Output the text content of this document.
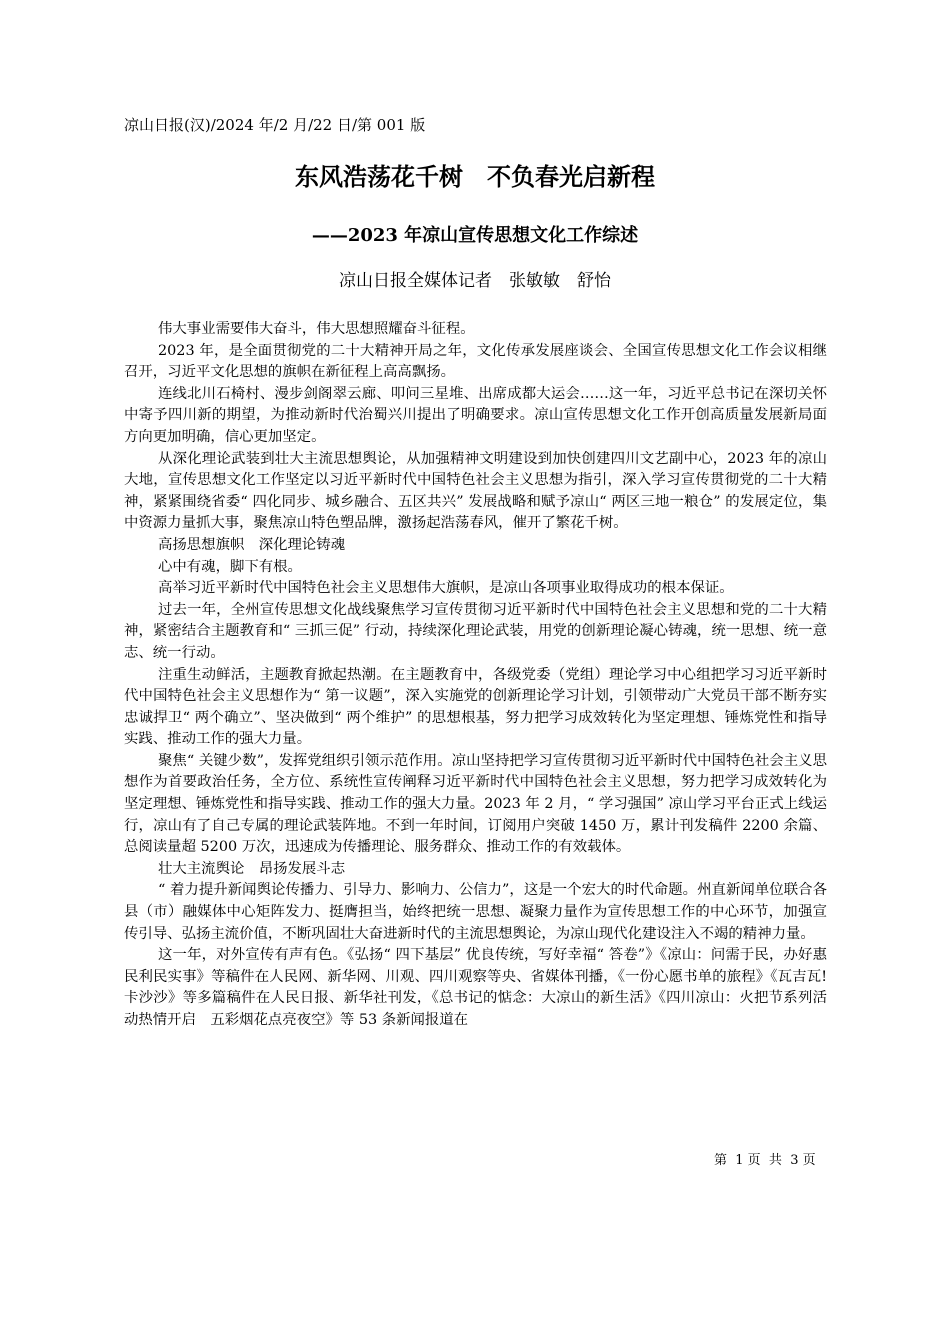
凉山日报(汉)/2024 年/2 月/22 日/第 001 版
东风浩荡花千树　不负春光启新程
——2023 年凉山宣传思想文化工作综述
凉山日报全媒体记者　张敏敏　舒怡

伟大事业需要伟大奋斗，伟大思想照耀奋斗征程。

2023 年，是全面贯彻党的二十大精神开局之年，文化传承发展座谈会、全国宣传思想文化工作会议相继召开，习近平文化思想的旗帜在新征程上高高飘扬。

连线北川石椅村、漫步剑阁翠云廊、叩问三星堆、出席成都大运会……这一年，习近平总书记在深切关怀中寄予四川新的期望，为推动新时代治蜀兴川提出了明确要求。凉山宣传思想文化工作开创高质量发展新局面方向更加明确，信心更加坚定。

从深化理论武装到壮大主流思想舆论，从加强精神文明建设到加快创建四川文艺副中心，2023 年的凉山大地，宣传思想文化工作坚定以习近平新时代中国特色社会主义思想为指引，深入学习宣传贯彻党的二十大精神，紧紧围绕省委“ 四化同步、城乡融合、五区共兴” 发展战略和赋予凉山“ 两区三地一粮仓” 的发展定位，集中资源力量抓大事，聚焦凉山特色塑品牌，激扬起浩荡春风，催开了繁花千树。

高扬思想旗帜　深化理论铸魂

心中有魂，脚下有根。

高举习近平新时代中国特色社会主义思想伟大旗帜，是凉山各项事业取得成功的根本保证。

过去一年，全州宣传思想文化战线聚焦学习宣传贯彻习近平新时代中国特色社会主义思想和党的二十大精神，紧密结合主题教育和“ 三抓三促” 行动，持续深化理论武装，用党的创新理论凝心铸魂，统一思想、统一意志、统一行动。

注重生动鲜活，主题教育掀起热潮。在主题教育中，各级党委（党组）理论学习中心组把学习习近平新时代中国特色社会主义思想作为“ 第一议题”，深入实施党的创新理论学习计划，引领带动广大党员干部不断夯实忠诚捍卫“ 两个确立”、坚决做到“ 两个维护” 的思想根基，努力把学习成效转化为坚定理想、锤炼党性和指导实践、推动工作的强大力量。

聚焦“ 关键少数”，发挥党组织引领示范作用。凉山坚持把学习宣传贯彻习近平新时代中国特色社会主义思想作为首要政治任务，全方位、系统性宣传阐释习近平新时代中国特色社会主义思想，努力把学习成效转化为坚定理想、锤炼党性和指导实践、推动工作的强大力量。2023 年 2 月，“ 学习强国” 凉山学习平台正式上线运行，凉山有了自己专属的理论武装阵地。不到一年时间，订阅用户突破 1450 万，累计刊发稿件 2200 余篇、总阅读量超 5200 万次，迅速成为传播理论、服务群众、推动工作的有效载体。

壮大主流舆论　昂扬发展斗志

“ 着力提升新闻舆论传播力、引导力、影响力、公信力”，这是一个宏大的时代命题。州直新闻单位联合各县（市）融媒体中心矩阵发力、挺膺担当，始终把统一思想、凝聚力量作为宣传思想工作的中心环节，加强宣传引导、弘扬主流价值，不断巩固壮大奋进新时代的主流思想舆论，为凉山现代化建设注入不竭的精神力量。

这一年，对外宣传有声有色。《弘扬“ 四下基层” 优良传统，写好幸福“ 答卷”》《凉山：问需于民，办好惠民利民实事》等稿件在人民网、新华网、川观、四川观察等央、省媒体刊播，《一份心愿书单的旅程》《瓦吉瓦!卡沙沙》等多篇稿件在人民日报、新华社刊发，《总书记的惦念：大凉山的新生活》《四川凉山：火把节系列活动热情开启　五彩烟花点亮夜空》等 53 条新闻报道在

第  1 页  共  3 页
